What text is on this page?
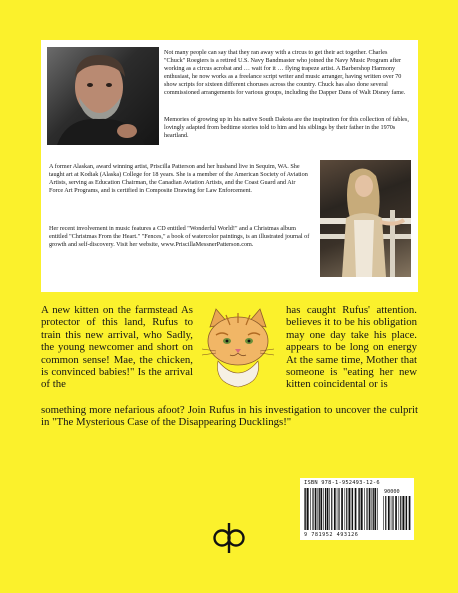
Not many people can say that they ran away with a circus to get their act together. Charles "Chuck" Roegiers is a retired U.S. Navy Bandmaster who joined the Navy Music Program after working as a circus acrobat and … wait for it … flying trapeze artist. A Barbershop Harmony enthusiast, he now works as a freelance script writer and music arranger, having written over 70 show scripts for sixteen different choruses across the country. Chuck has also done several commissioned arrangements for various groups, including the Dapper Dans of Walt Disney fame.

Memories of growing up in his native South Dakota are the inspiration for this collection of fables, lovingly adapted from bedtime stories told to him and his siblings by their father in the 1970s heartland.

A former Alaskan, award winning artist, Priscilla Patterson and her husband live in Sequim, WA. She taught art at Kodiak (Alaska) College for 18 years. She is a member of the American Society of Aviation Artists, serving as Education Chairman, the Canadian Aviation Artists, and the Coast Guard and Air Force Art Programs, and is certified in Composite Drawing for Law Enforcement.

Her recent involvement in music features a CD entitled "Wonderful World!" and a Christmas album entitled "Christmas From the Heart." "Fences," a book of watercolor paintings, is an illustrated journal of growth and self-discovery. Visit her website, www.PriscillaMessnerPatterson.com.

A new kitten on the farmstead As protector of this land, Rufus to train this new arrival, who Sadly, the young newcomer and short on common sense! Mae, the chicken, is convinced babies!" Is the arrival of the

has caught Rufus' attention. believes it to be his obligation may one day take his place. appears to be long on energy At the same time, Mother that someone is "eating her new kitten coincidental or is

something more nefarious afoot? Join Rufus in his investigation to uncover the culprit in "The Mysterious Case of the Disappearing Ducklings!"

ISBN 978-1-952493-12-6
90000
9 781952 493126
